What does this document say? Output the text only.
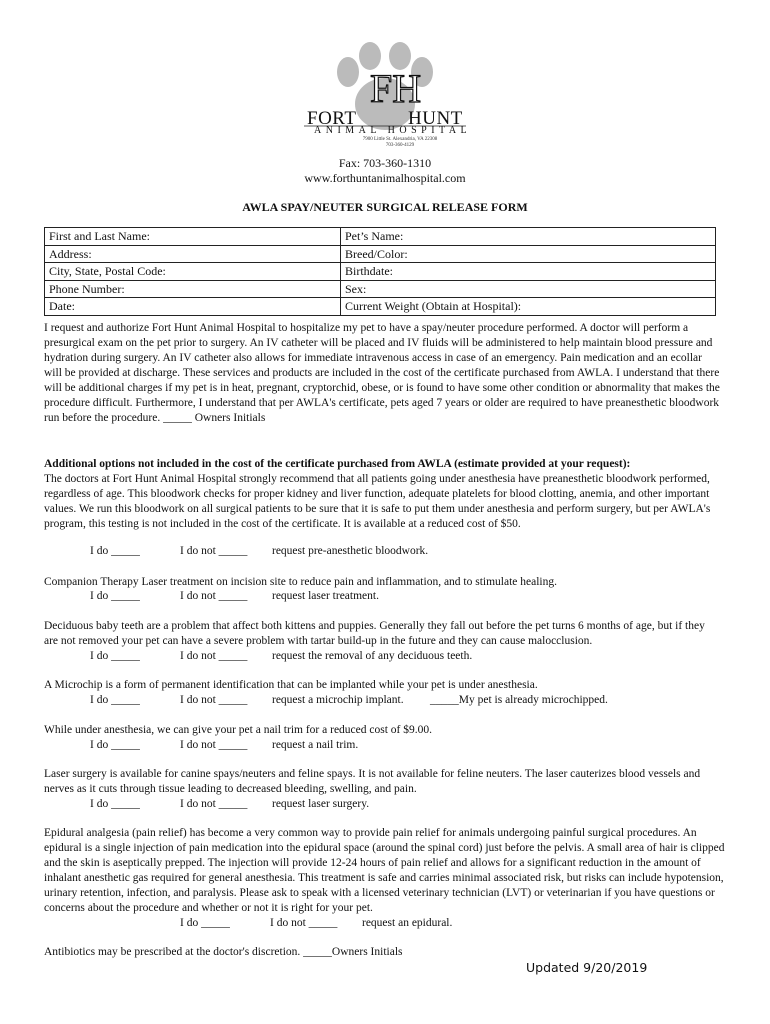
FH
FORT	HUNT
ANIMAL HOSPITAL
7900 Little St. Alexandria, VA 22308
703-360-4129
Fax: 703-360-1310
www.forthuntanimalhospital.com
AWLA SPAY/NEUTER SURGICAL RELEASE FORM
First and Last Name:	Pet’s Name:
Address:	Breed/Color:
City, State, Postal Code:	Birthdate:
Phone Number:	Sex:
Date:	Current Weight (Obtain at Hospital):

I request and authorize Fort Hunt Animal Hospital to hospitalize my pet to have a spay/neuter procedure performed. A doctor will perform a presurgical exam on the pet prior to surgery. An IV catheter will be placed and IV fluids will be administered to help maintain blood pressure and hydration during surgery. An IV catheter also allows for immediate intravenous access in case of an emergency. Pain medication and an ecollar will be provided at discharge. These services and products are included in the cost of the certificate purchased from AWLA. I understand that there will be additional charges if my pet is in heat, pregnant, cryptorchid, obese, or is found to have some other condition or abnormality that makes the procedure difficult. Furthermore, I understand that per AWLA's certificate, pets aged 7 years or older are required to have preanesthetic bloodwork run before the procedure. _____ Owners Initials

Additional options not included in the cost of the certificate purchased from AWLA (estimate provided at your request):

The doctors at Fort Hunt Animal Hospital strongly recommend that all patients going under anesthesia have preanesthetic bloodwork performed, regardless of age. This bloodwork checks for proper kidney and liver function, adequate platelets for blood clotting, anemia, and other important values. We run this bloodwork on all surgical patients to be sure that it is safe to put them under anesthesia and perform surgery, but per AWLA's program, this testing is not included in the cost of the certificate. It is available at a reduced cost of $50.

I do _____	I do not _____ request pre-anesthetic bloodwork.

Companion Therapy Laser treatment on incision site to reduce pain and inflammation, and to stimulate healing.

I do _____	I do not _____ request laser treatment.

Deciduous baby teeth are a problem that affect both kittens and puppies. Generally they fall out before the pet turns 6 months of age, but if they are not removed your pet can have a severe problem with tartar build-up in the future and they can cause malocclusion.

I do _____	I do not _____ request the removal of any deciduous teeth.

A Microchip is a form of permanent identification that can be implanted while your pet is under anesthesia.

I do _____	I do not _____ request a microchip implant. _____My pet is already microchipped.

While under anesthesia, we can give your pet a nail trim for a reduced cost of $9.00.

I do _____	I do not _____ request a nail trim.

Laser surgery is available for canine spays/neuters and feline spays. It is not available for feline neuters. The laser cauterizes blood vessels and nerves as it cuts through tissue leading to decreased bleeding, swelling, and pain.

I do _____	I do not _____ request laser surgery.

Epidural analgesia (pain relief) has become a very common way to provide pain relief for animals undergoing painful surgical procedures. An epidural is a single injection of pain medication into the epidural space (around the spinal cord) just before the pelvis. A small area of hair is clipped and the skin is aseptically prepped. The injection will provide 12-24 hours of pain relief and allows for a significant reduction in the amount of inhalant anesthetic gas required for general anesthesia. This treatment is safe and carries minimal associated risk, but risks can include hypotension, urinary retention, infection, and paralysis. Please ask to speak with a licensed veterinary technician (LVT) or veterinarian if you have questions or concerns about the procedure and whether or not it is right for your pet.

I do _____	I do not _____ request an epidural.

Antibiotics may be prescribed at the doctor's discretion. _____Owners Initials

Updated 9/20/2019
